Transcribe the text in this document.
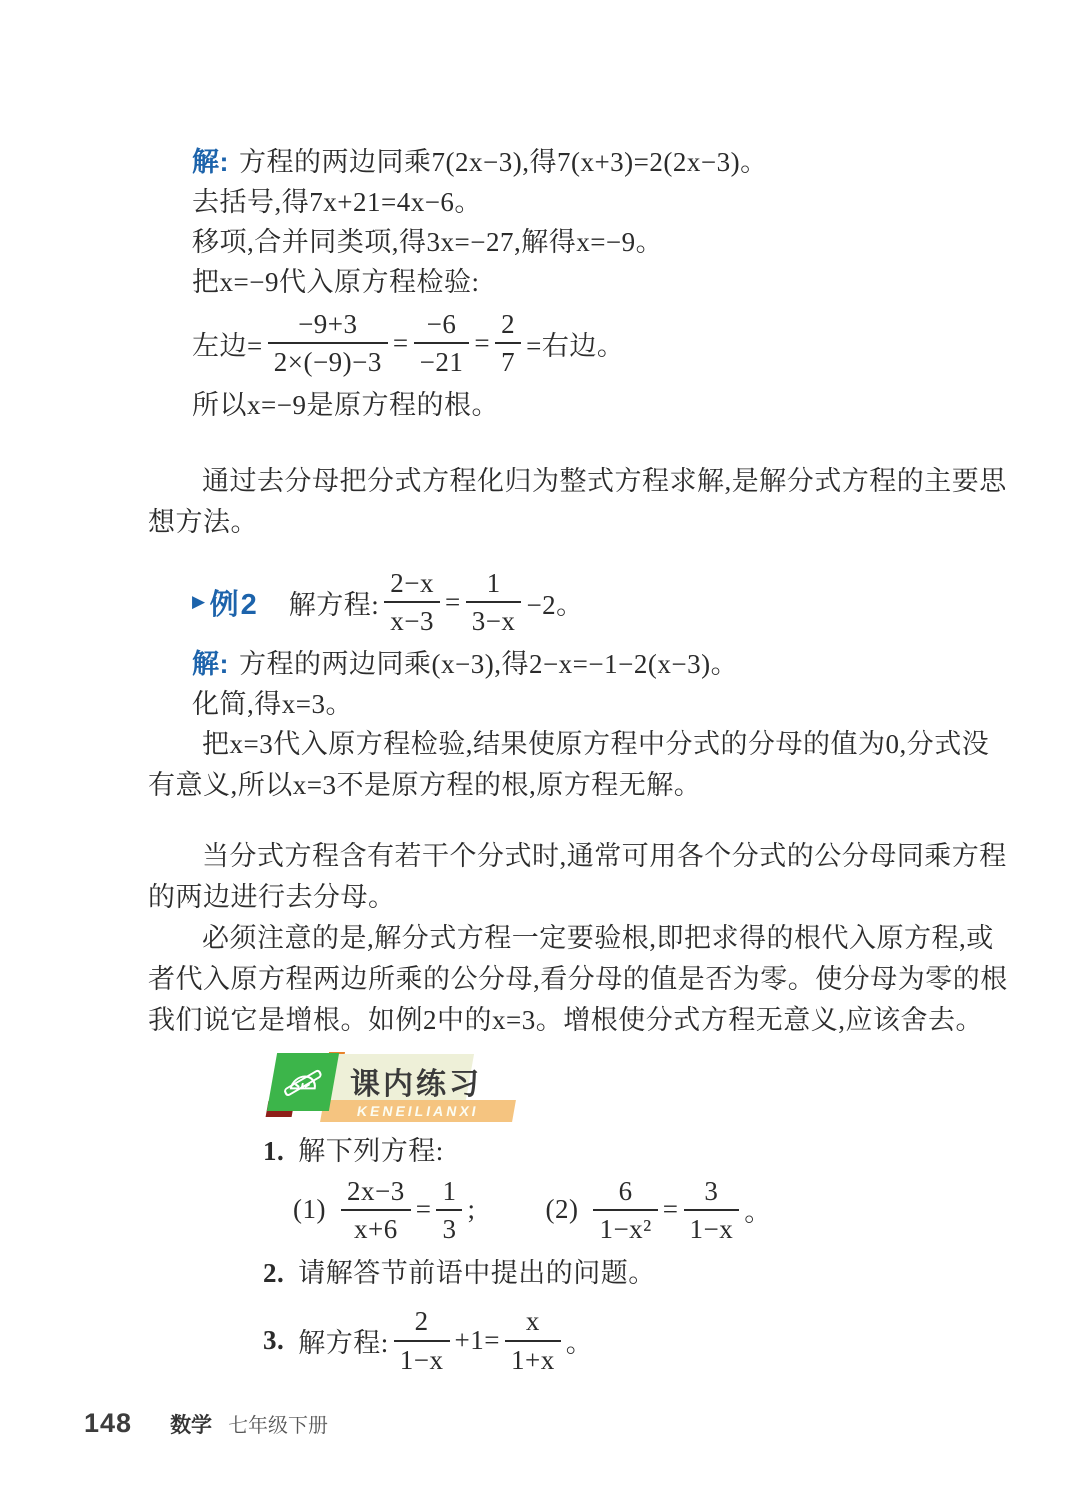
解: 方程的两边同乘7(2x−3),得7(x+3)=2(2x−3)。
去括号,得7x+21=4x−6。
移项,合并同类项,得3x=−27,解得x=−9。
把x=−9代入原方程检验:
左边= $\frac{-9+3}{2\times(-9)-3} = \frac{-6}{-21} = \frac{2}{7}$ =右边。
所以x=−9是原方程的根。

通过去分母把分式方程化归为整式方程求解,是解分式方程的主要思
想方法。

▶ 例2 解方程: $\frac{2-x}{x-3} = \frac{1}{3-x} -2$。
解: 方程的两边同乘(x−3),得2−x=−1−2(x−3)。
化简,得x=3。

把x=3代入原方程检验,结果使原方程中分式的分母的值为0,分式没
有意义,所以x=3不是原方程的根,原方程无解。

当分式方程含有若干个分式时,通常可用各个分式的公分母同乘方程
的两边进行去分母。

必须注意的是,解分式方程一定要验根,即把求得的根代入原方程,或
者代入原方程两边所乘的公分母,看分母的值是否为零。使分母为零的根
我们说它是增根。如例2中的x=3。增根使分式方程无意义,应该舍去。

KENEILIANXI
课内练习
1. 解下列方程:
$(1) \frac{2x-3}{x+6} = \frac{1}{3}$ ;	$(2) \frac{6}{\text{1−x²}} = \frac{3}{1-x}$ 。
2. 请解答节前语中提出的问题。
3. 解方程: $\frac{2}{1-x} +1= \frac{x}{1+x}$ 。
148 数学 七年级下册
